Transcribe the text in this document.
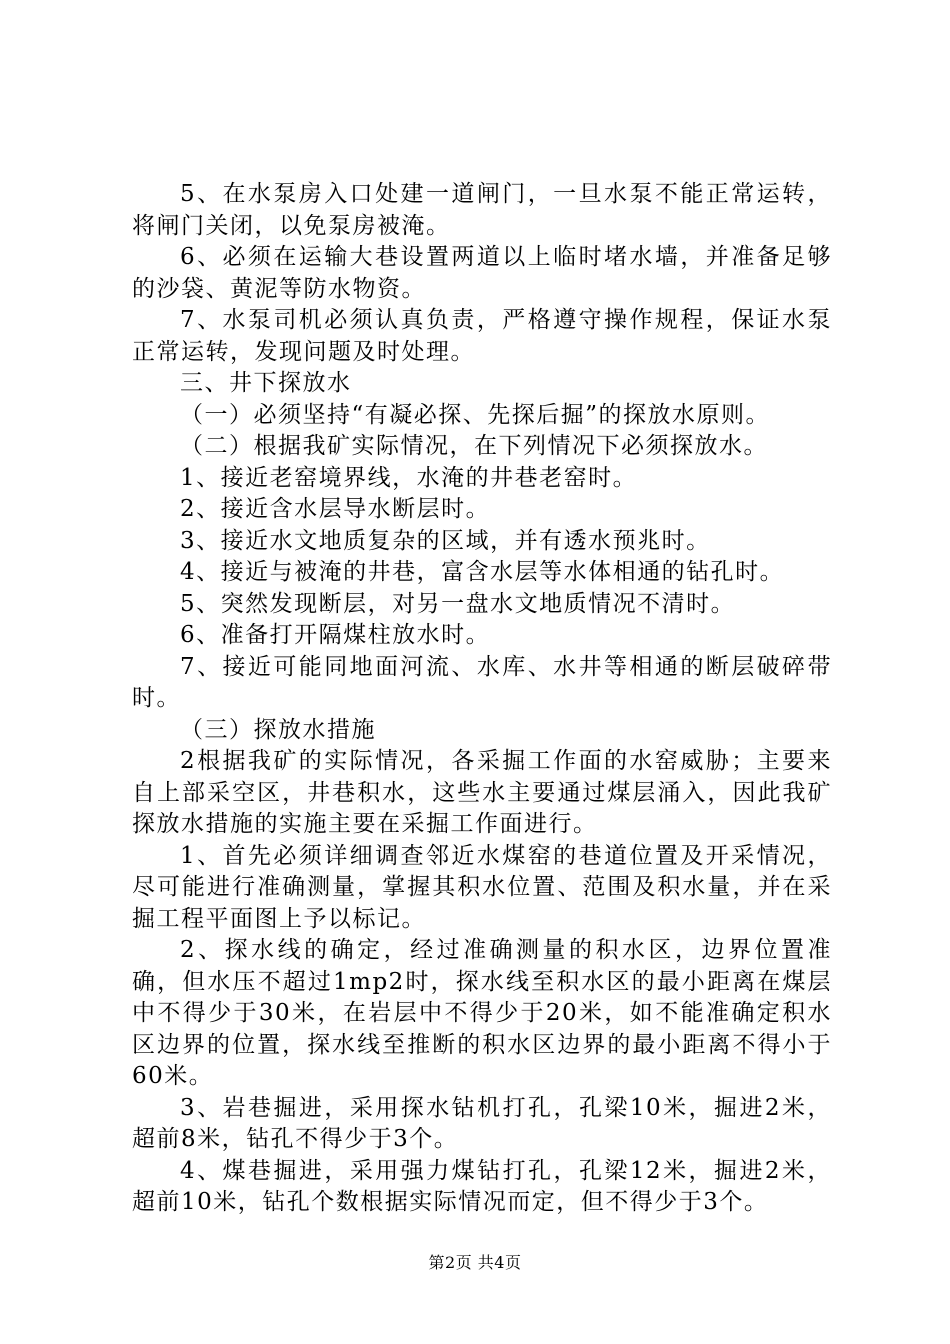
5、在水泵房入口处建一道闸门，一旦水泵不能正常运转，将闸门关闭，以免泵房被淹。

6、必须在运输大巷设置两道以上临时堵水墙，并准备足够的沙袋、黄泥等防水物资。

7、水泵司机必须认真负责，严格遵守操作规程，保证水泵正常运转，发现问题及时处理。

三、井下探放水

（一）必须坚持“有凝必探、先探后掘”的探放水原则。

（二）根据我矿实际情况，在下列情况下必须探放水。

1、接近老窑境界线，水淹的井巷老窑时。

2、接近含水层导水断层时。

3、接近水文地质复杂的区域，并有透水预兆时。

4、接近与被淹的井巷，富含水层等水体相通的钻孔时。

5、突然发现断层，对另一盘水文地质情况不清时。

6、准备打开隔煤柱放水时。

7、接近可能同地面河流、水库、水井等相通的断层破碎带时。

（三）探放水措施

2根据我矿的实际情况，各采掘工作面的水窑威胁；主要来自上部采空区，井巷积水，这些水主要通过煤层涌入，因此我矿探放水措施的实施主要在采掘工作面进行。

1、首先必须详细调查邻近水煤窑的巷道位置及开采情况，尽可能进行准确测量，掌握其积水位置、范围及积水量，并在采掘工程平面图上予以标记。

2、探水线的确定，经过准确测量的积水区，边界位置准确，但水压不超过1mp2时，探水线至积水区的最小距离在煤层中不得少于30米，在岩层中不得少于20米，如不能准确定积水区边界的位置，探水线至推断的积水区边界的最小距离不得小于60米。

3、岩巷掘进，采用探水钻机打孔，孔梁10米，掘进2米，超前8米，钻孔不得少于3个。

4、煤巷掘进，采用强力煤钻打孔，孔梁12米，掘进2米，超前10米，钻孔个数根据实际情况而定，但不得少于3个。

第2页 共4页
